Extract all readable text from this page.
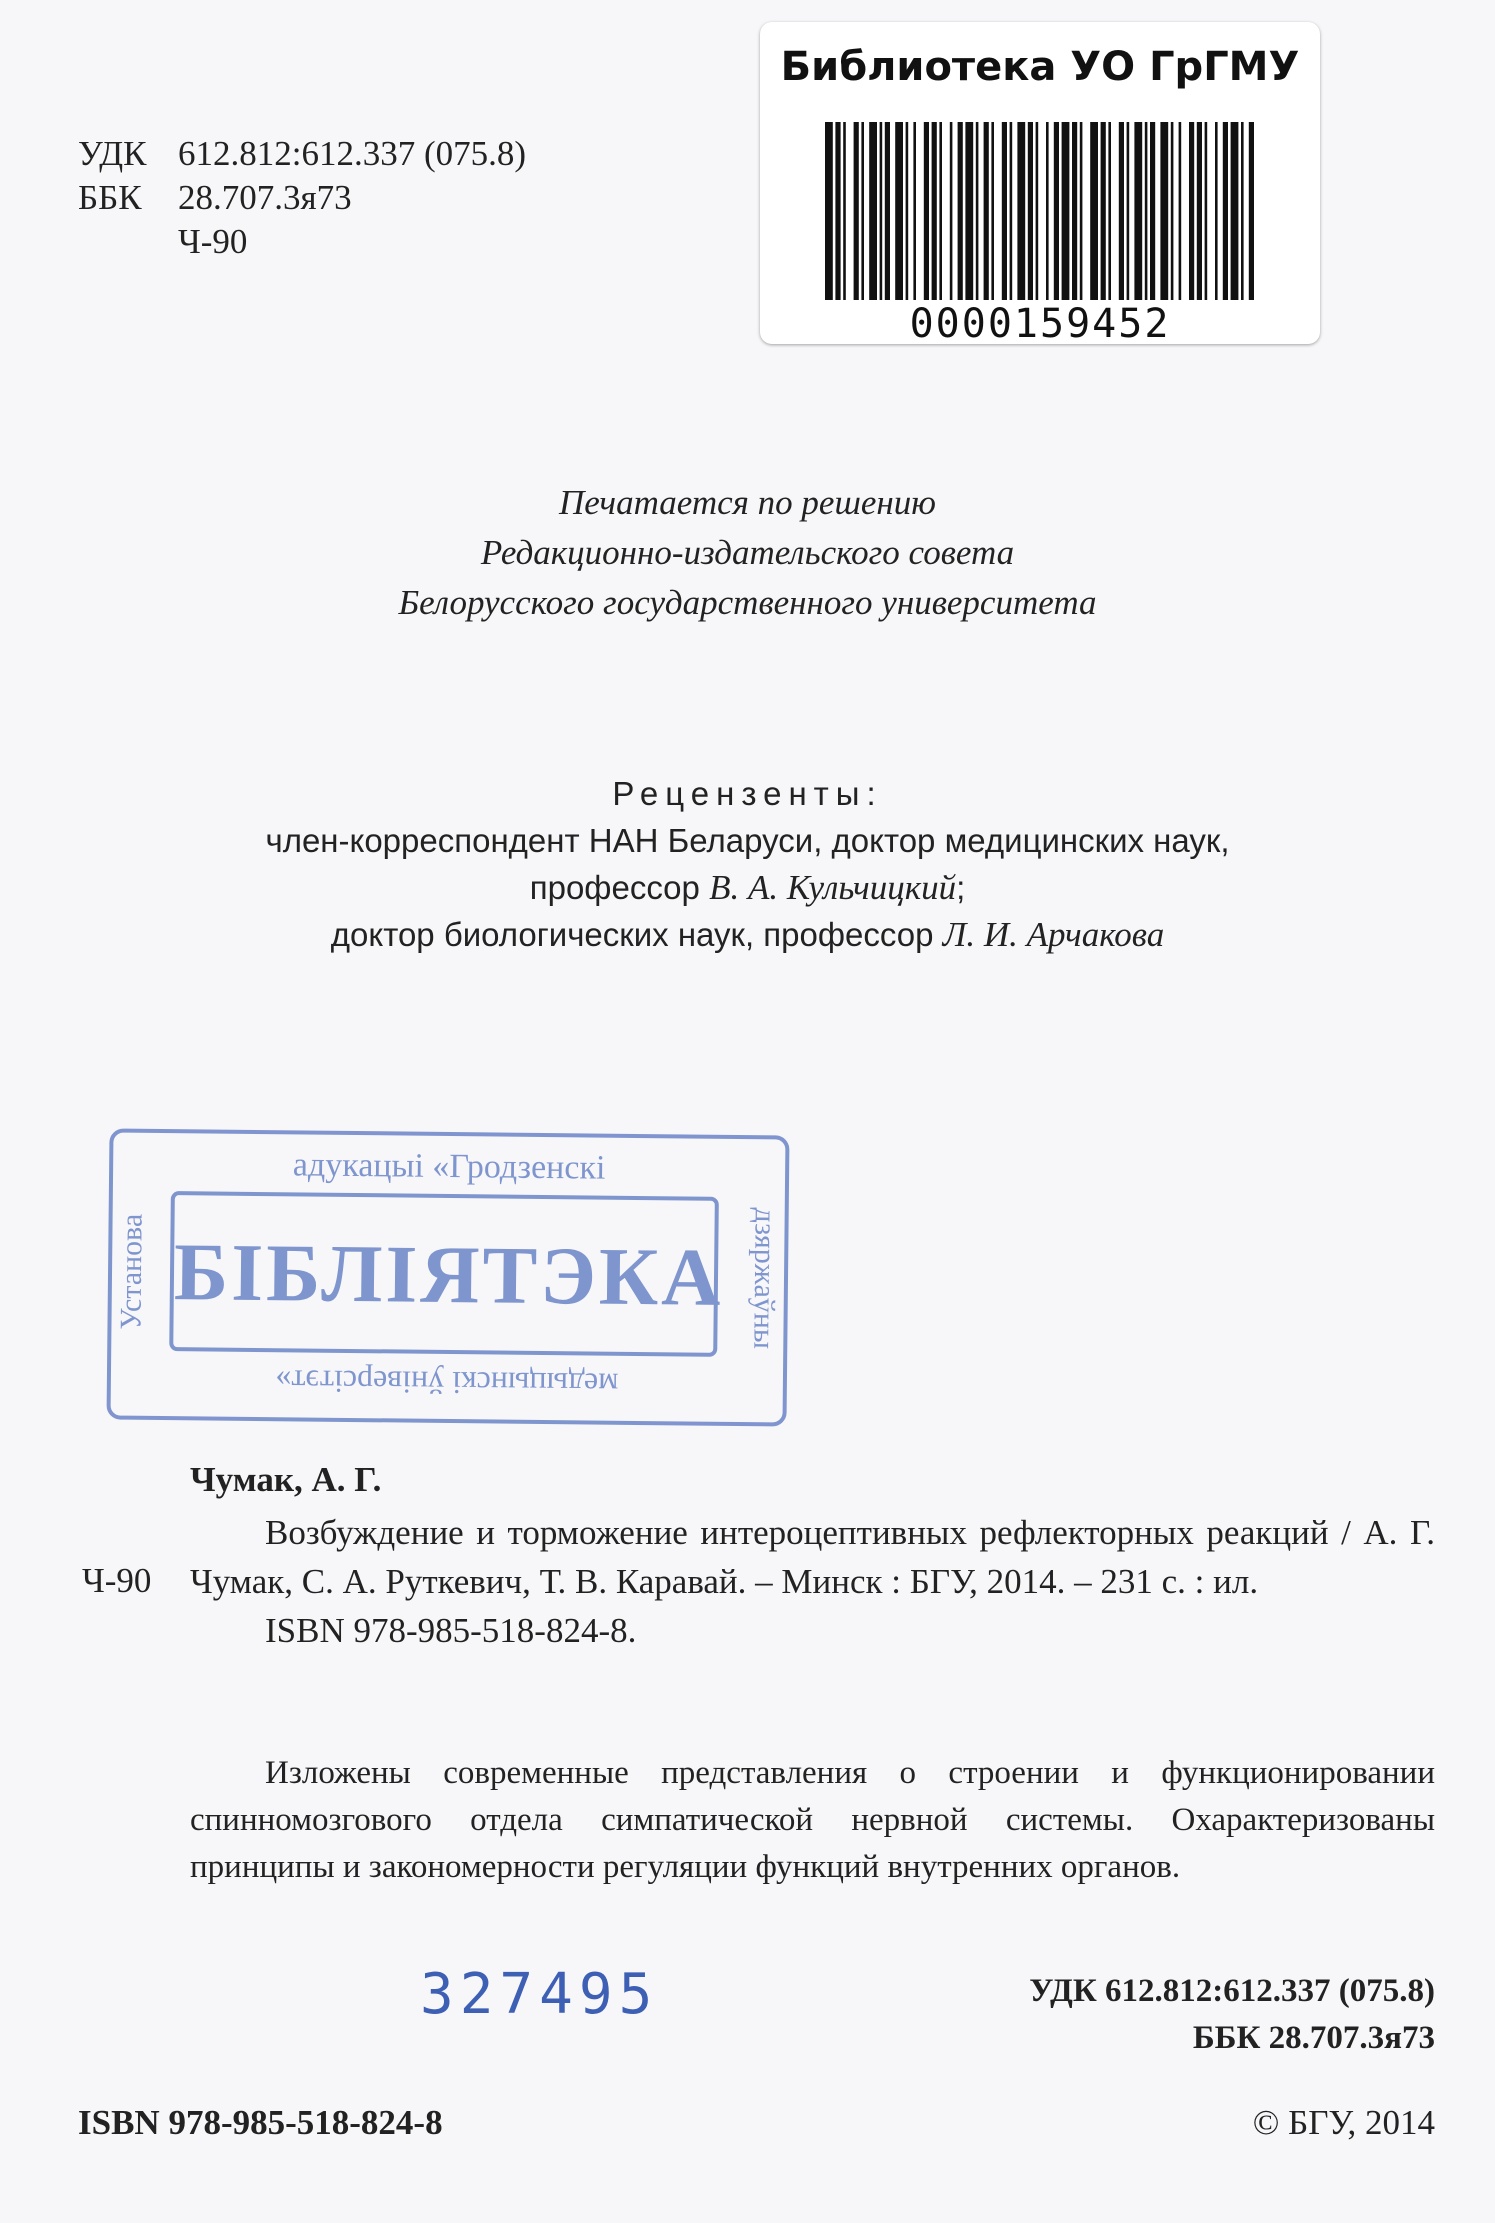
УДК 612.812:612.337 (075.8)
ББК	28.707.3я73
Ч-90
Библиотека УО ГрГМУ
0000159452
Печатается по решению
Редакционно-издательского совета
Белорусского государственного университета
Рецензенты:
член-корреспондент НАН Беларуси, доктор медицинских наук,
профессор В. А. Кульчицкий;
доктор биологических наук, профессор Л. И. Арчакова
адукацыі «Гродзенскі
БІБЛІЯТЭКА
медыцынскі ўніверсітэт»
Установа	дзяржаўны
Чумак, А. Г.
Ч-90

Возбуждение и торможение интероцептивных рефлекторных реакций / А. Г. Чумак, С. А. Руткевич, Т. В. Каравай. – Минск : БГУ, 2014. – 231 с. : ил.

ISBN 978-985-518-824-8.
Изложены современные представления о строении и функционировании спинномозгового отдела симпатической нервной системы. Охарактеризованы принципы и закономерности регуляции функций внутренних органов.
327495	УДК 612.812:612.337 (075.8)
ББК 28.707.3я73
ISBN 978-985-518-824-8	© БГУ, 2014
